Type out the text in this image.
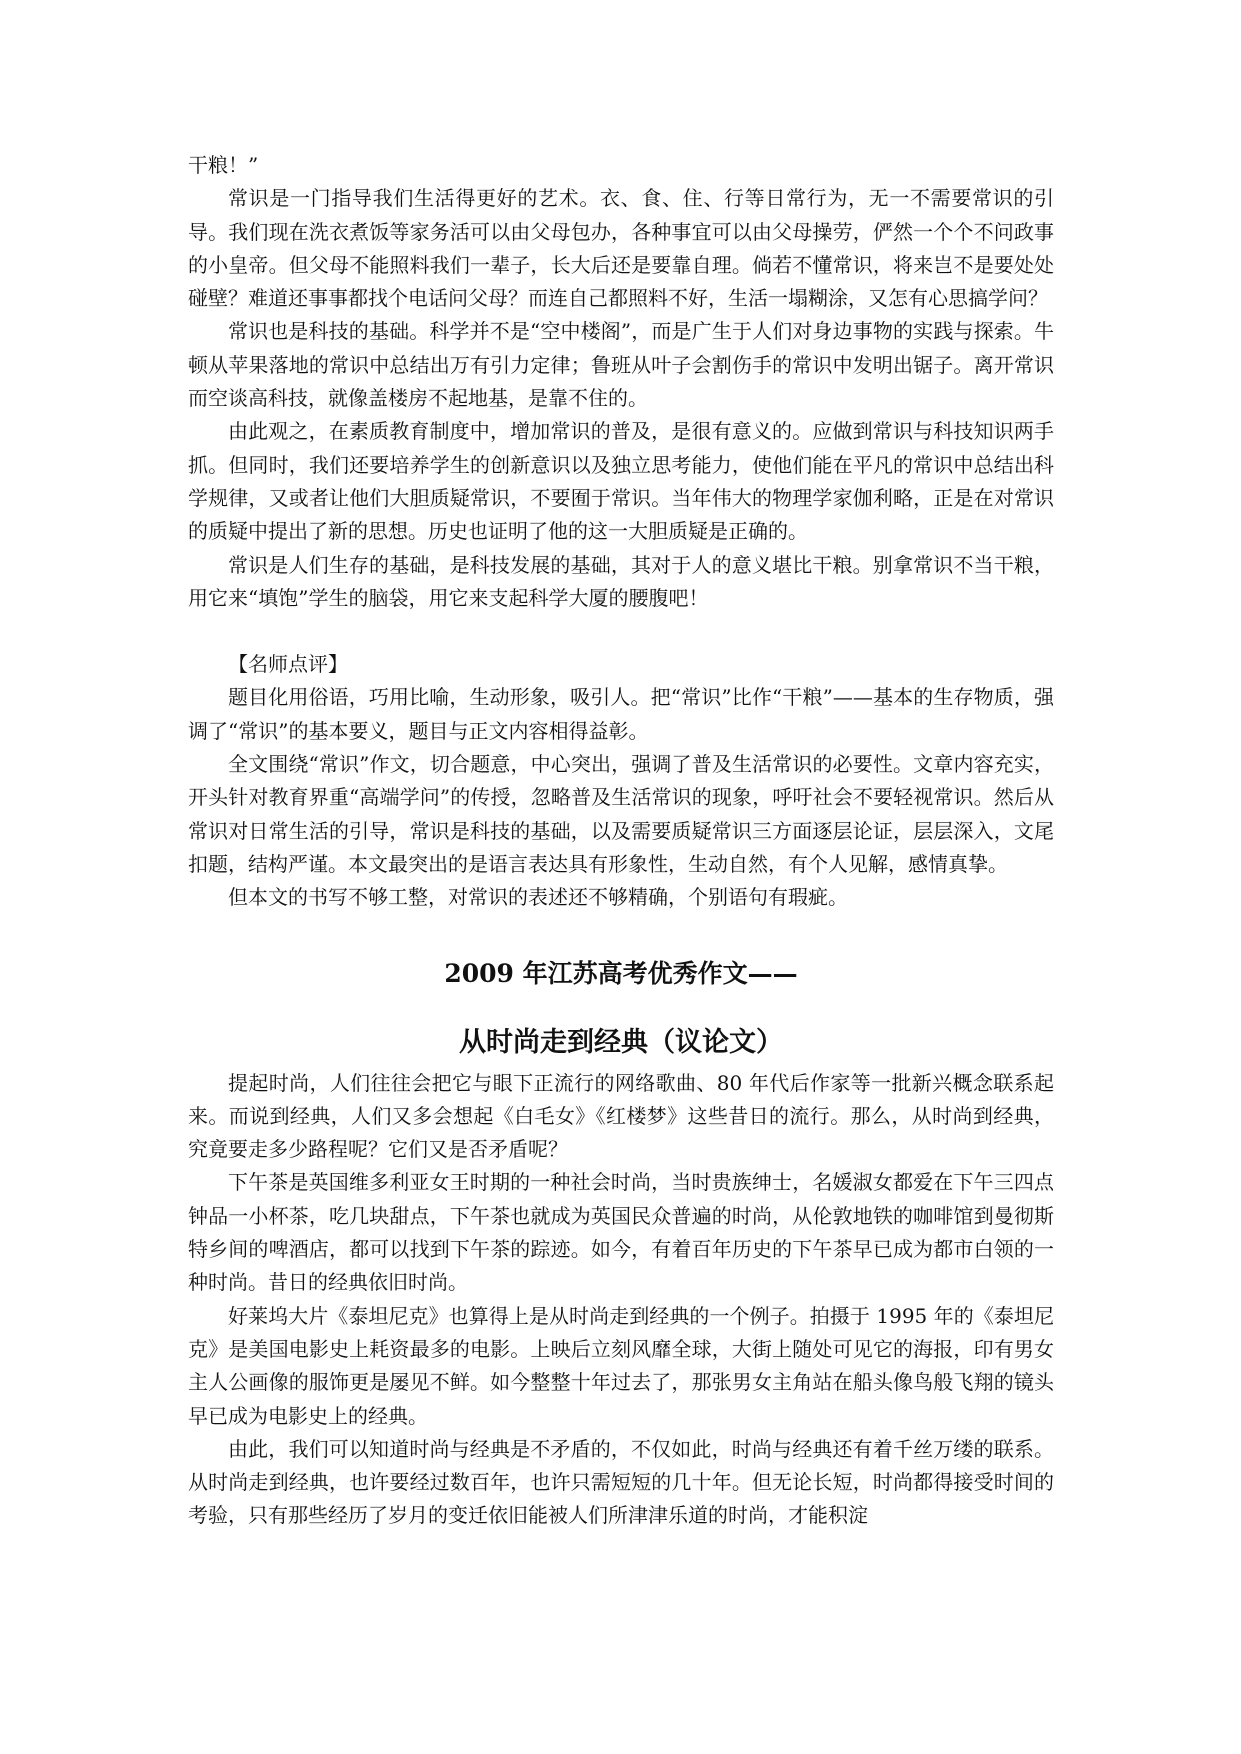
干粮！”

常识是一门指导我们生活得更好的艺术。衣、食、住、行等日常行为，无一不需要常识的引导。我们现在洗衣煮饭等家务活可以由父母包办，各种事宜可以由父母操劳，俨然一个个不问政事的小皇帝。但父母不能照料我们一辈子，长大后还是要靠自理。倘若不懂常识，将来岂不是要处处碰壁？难道还事事都找个电话问父母？而连自己都照料不好，生活一塌糊涂，又怎有心思搞学问？

常识也是科技的基础。科学并不是“空中楼阁”，而是广生于人们对身边事物的实践与探索。牛顿从苹果落地的常识中总结出万有引力定律；鲁班从叶子会割伤手的常识中发明出锯子。离开常识而空谈高科技，就像盖楼房不起地基，是靠不住的。

由此观之，在素质教育制度中，增加常识的普及，是很有意义的。应做到常识与科技知识两手抓。但同时，我们还要培养学生的创新意识以及独立思考能力，使他们能在平凡的常识中总结出科学规律，又或者让他们大胆质疑常识，不要囿于常识。当年伟大的物理学家伽利略，正是在对常识的质疑中提出了新的思想。历史也证明了他的这一大胆质疑是正确的。

常识是人们生存的基础，是科技发展的基础，其对于人的意义堪比干粮。别拿常识不当干粮，用它来“填饱”学生的脑袋，用它来支起科学大厦的腰腹吧！

【名师点评】

题目化用俗语，巧用比喻，生动形象，吸引人。把“常识”比作“干粮”——基本的生存物质，强调了“常识”的基本要义，题目与正文内容相得益彰。

全文围绕“常识”作文，切合题意，中心突出，强调了普及生活常识的必要性。文章内容充实，开头针对教育界重“高端学问”的传授，忽略普及生活常识的现象，呼吁社会不要轻视常识。然后从常识对日常生活的引导，常识是科技的基础，以及需要质疑常识三方面逐层论证，层层深入，文尾扣题，结构严谨。本文最突出的是语言表达具有形象性，生动自然，有个人见解，感情真挚。

但本文的书写不够工整，对常识的表述还不够精确，个别语句有瑕疵。

2009 年江苏高考优秀作文——
从时尚走到经典（议论文）

提起时尚，人们往往会把它与眼下正流行的网络歌曲、80 年代后作家等一批新兴概念联系起来。而说到经典，人们又多会想起《白毛女》《红楼梦》这些昔日的流行。那么，从时尚到经典，究竟要走多少路程呢？它们又是否矛盾呢？

下午茶是英国维多利亚女王时期的一种社会时尚，当时贵族绅士，名媛淑女都爱在下午三四点钟品一小杯茶，吃几块甜点，下午茶也就成为英国民众普遍的时尚，从伦敦地铁的咖啡馆到曼彻斯特乡间的啤酒店，都可以找到下午茶的踪迹。如今，有着百年历史的下午茶早已成为都市白领的一种时尚。昔日的经典依旧时尚。

好莱坞大片《泰坦尼克》也算得上是从时尚走到经典的一个例子。拍摄于 1995 年的《泰坦尼克》是美国电影史上耗资最多的电影。上映后立刻风靡全球，大街上随处可见它的海报，印有男女主人公画像的服饰更是屡见不鲜。如今整整十年过去了，那张男女主角站在船头像鸟般飞翔的镜头早已成为电影史上的经典。

由此，我们可以知道时尚与经典是不矛盾的，不仅如此，时尚与经典还有着千丝万缕的联系。从时尚走到经典，也许要经过数百年，也许只需短短的几十年。但无论长短，时尚都得接受时间的考验，只有那些经历了岁月的变迁依旧能被人们所津津乐道的时尚，才能积淀
